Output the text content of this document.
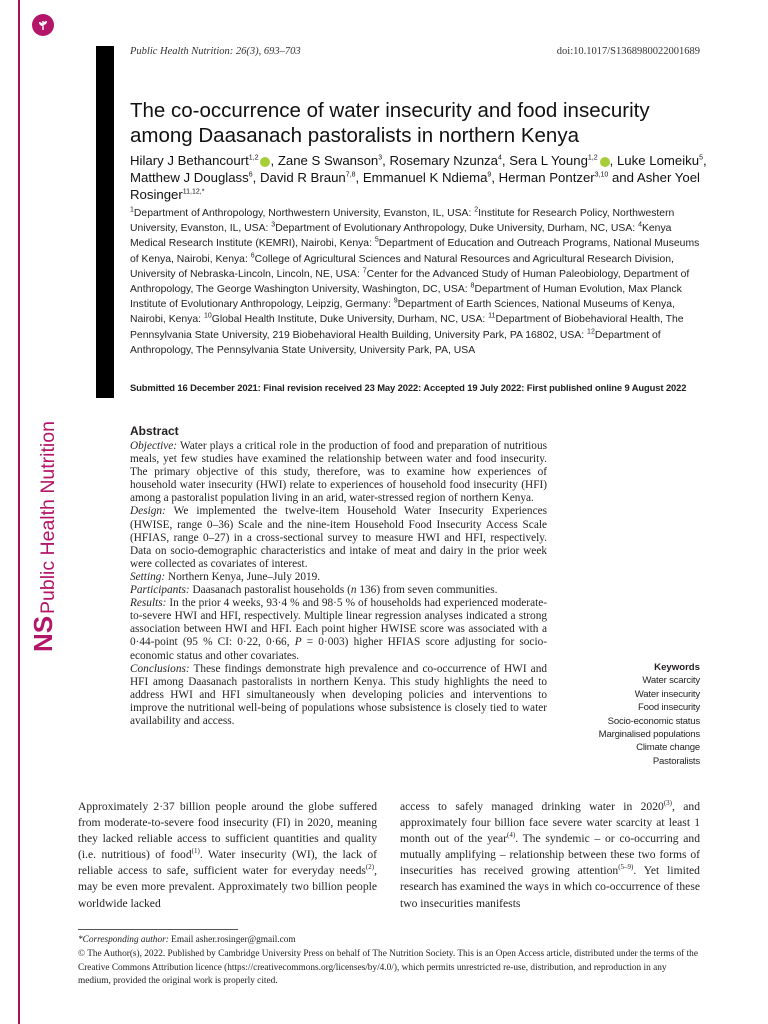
NS
Public Health Nutrition
Public Health Nutrition: 26(3), 693–703	doi:10.1017/S1368980022001689
The co-occurrence of water insecurity and food insecurity among Daasanach pastoralists in northern Kenya
Hilary J Bethancourt$^{1,2}$ , Zane S Swanson$^3$, Rosemary Nzunza$^4$, Sera L Young$^{1,2}$ , Luke Lomeiku$^5$, Matthew J Douglass$^6$, David R Braun$^{7,8}$, Emmanuel K Ndiema$^9$, Herman Pontzer$^{3,10}$ and Asher Yoel Rosinger$^{11,12,*}$
$^1$Department of Anthropology, Northwestern University, Evanston, IL, USA: $^2$Institute for Research Policy, Northwestern University, Evanston, IL, USA: $^3$Department of Evolutionary Anthropology, Duke University, Durham, NC, USA: $^4$Kenya Medical Research Institute (KEMRI), Nairobi, Kenya: $^5$Department of Education and Outreach Programs, National Museums of Kenya, Nairobi, Kenya: $^6$College of Agricultural Sciences and Natural Resources and Agricultural Research Division, University of Nebraska-Lincoln, Lincoln, NE, USA: $^7$Center for the Advanced Study of Human Paleobiology, Department of Anthropology, The George Washington University, Washington, DC, USA: $^8$Department of Human Evolution, Max Planck Institute of Evolutionary Anthropology, Leipzig, Germany: $^9$Department of Earth Sciences, National Museums of Kenya, Nairobi, Kenya: $^{10}$Global Health Institute, Duke University, Durham, NC, USA: $^{11}$Department of Biobehavioral Health, The Pennsylvania State University, 219 Biobehavioral Health Building, University Park, PA 16802, USA: $^{12}$Department of Anthropology, The Pennsylvania State University, University Park, PA, USA
Submitted 16 December 2021: Final revision received 23 May 2022: Accepted 19 July 2022: First published online 9 August 2022
Abstract

Objective: Water plays a critical role in the production of food and preparation of nutritious meals, yet few studies have examined the relationship between water and food insecurity. The primary objective of this study, therefore, was to examine how experiences of household water insecurity (HWI) relate to experiences of household food insecurity (HFI) among a pastoralist population living in an arid, water-stressed region of northern Kenya.

Design: We implemented the twelve-item Household Water Insecurity Experiences (HWISE, range 0–36) Scale and the nine-item Household Food Insecurity Access Scale (HFIAS, range 0–27) in a cross-sectional survey to measure HWI and HFI, respectively. Data on socio-demographic characteristics and intake of meat and dairy in the prior week were collected as covariates of interest.

Setting: Northern Kenya, June–July 2019.

Participants: Daasanach pastoralist households (n 136) from seven communities.

Results: In the prior 4 weeks, 93·4 % and 98·5 % of households had experienced moderate-to-severe HWI and HFI, respectively. Multiple linear regression analyses indicated a strong association between HWI and HFI. Each point higher HWISE score was associated with a 0·44-point (95 % CI: 0·22, 0·66, P = 0·003) higher HFIAS score adjusting for socio-economic status and other covariates.

Conclusions: These findings demonstrate high prevalence and co-occurrence of HWI and HFI among Daasanach pastoralists in northern Kenya. This study highlights the need to address HWI and HFI simultaneously when developing policies and interventions to improve the nutritional well-being of populations whose subsistence is closely tied to water availability and access.

Keywords
Water scarcity
Water insecurity
Food insecurity
Socio-economic status
Marginalised populations
Climate change
Pastoralists
Approximately 2·37 billion people around the globe suffered from moderate-to-severe food insecurity (FI) in 2020, meaning they lacked reliable access to sufficient quantities and quality (i.e. nutritious) of food$^{(1)}$. Water insecurity (WI), the lack of reliable access to safe, sufficient water for everyday needs$^{(2)}$, may be even more prevalent. Approximately two billion people worldwide lacked
access to safely managed drinking water in 2020$^{(3)}$, and approximately four billion face severe water scarcity at least 1 month out of the year$^{(4)}$. The syndemic – or co-occurring and mutually amplifying – relationship between these two forms of insecurities has received growing attention$^{(5-9)}$. Yet limited research has examined the ways in which co-occurrence of these two insecurities manifests
*Corresponding author: Email asher.rosinger@gmail.com
© The Author(s), 2022. Published by Cambridge University Press on behalf of The Nutrition Society. This is an Open Access article, distributed under the terms of the Creative Commons Attribution licence (https://creativecommons.org/licenses/by/4.0/), which permits unrestricted re-use, distribution, and reproduction in any medium, provided the original work is properly cited.
